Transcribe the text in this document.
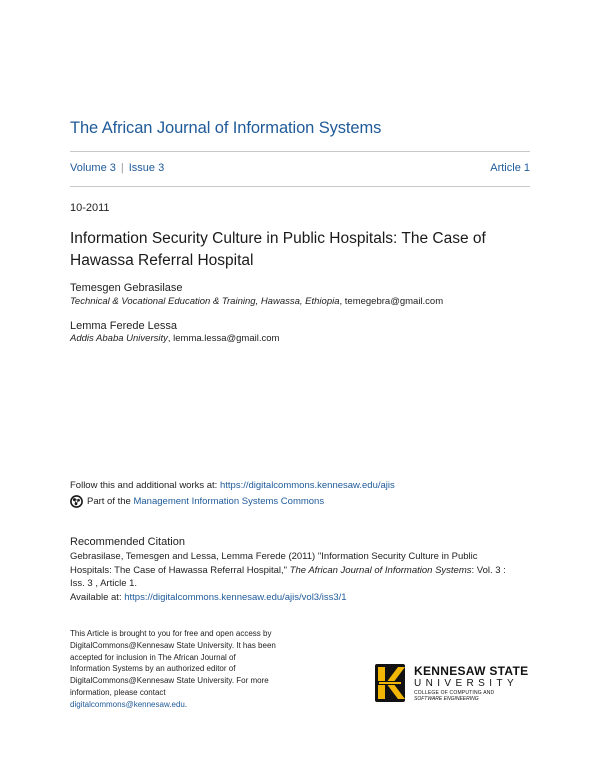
The African Journal of Information Systems
Volume 3 | Issue 3	Article 1
10-2011
Information Security Culture in Public Hospitals: The Case of
Hawassa Referral Hospital
Temesgen Gebrasilase
Technical & Vocational Education & Training, Hawassa, Ethiopia, temegebra@gmail.com
Lemma Ferede Lessa
Addis Ababa University, lemma.lessa@gmail.com
Follow this and additional works at: https://digitalcommons.kennesaw.edu/ajis
Part of the
Management Information Systems Commons
Recommended Citation
Gebrasilase, Temesgen and Lessa, Lemma Ferede (2011) "Information Security Culture in Public
Hospitals: The Case of Hawassa Referral Hospital," The African Journal of Information Systems: Vol. 3 :
Iss. 3 , Article 1.
Available at: https://digitalcommons.kennesaw.edu/ajis/vol3/iss3/1
This Article is brought to you for free and open access by
DigitalCommons@Kennesaw State University. It has been
accepted for inclusion in The African Journal of
Information Systems by an authorized editor of
DigitalCommons@Kennesaw State University. For more
information, please contact
digitalcommons@kennesaw.edu.
KENNESAW STATE
UNIVERSITY
COLLEGE OF COMPUTING AND
SOFTWARE ENGINEERING
